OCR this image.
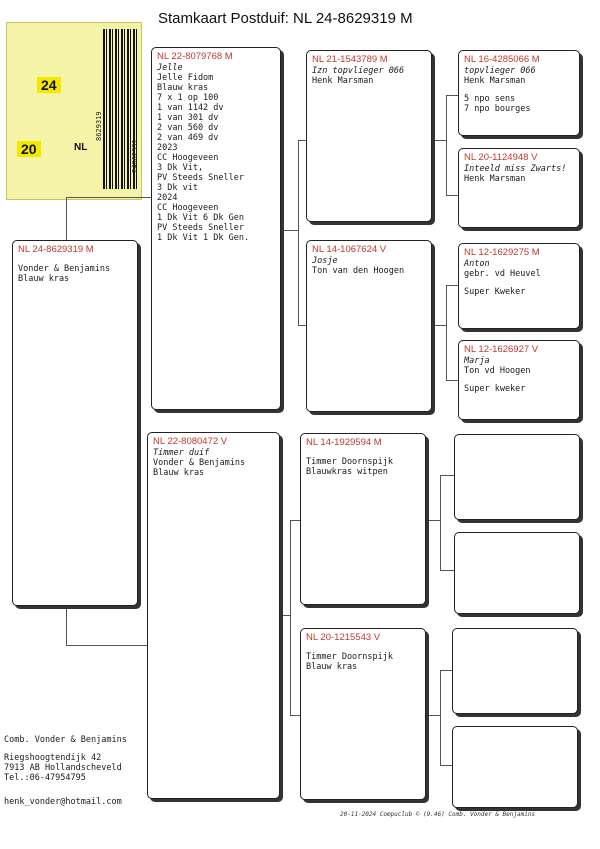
Stamkaart Postduif: NL 24-8629319 M
24
20	NL
8629319
24862931
NL 24-8629319 M
Vonder & Benjamins
Blauw kras
NL 22-8079768 M
Jelle
Jelle Fidom
Blauw kras
7 x 1 op 100
1 van 1142 dv
1 van 301 dv
2 van 560 dv
2 van 469 dv
2023
CC Hoogeveen
3 Dk Vit,
PV Steeds Sneller
3 Dk vit
2024
CC Hoogeveen
1 Dk Vit 6 Dk Gen
PV Steeds Sneller
1 Dk Vit 1 Dk Gen.
NL 22-8080472 V
Timmer duif
Vonder & Benjamins
Blauw kras
NL 21-1543789 M
Izn topvlieger 066
Henk Marsman
NL 14-1067624 V
Josje
Ton van den Hoogen
NL 14-1929594 M
Timmer Doornspijk
Blauwkras witpen
NL 20-1215543 V
Timmer Doornspijk
Blauw kras
NL 16-4285066 M
topvlieger 066
Henk Marsman
5 npo sens
7 npo bourges
NL 20-1124948 V
Inteeld miss Zwarts!
Henk Marsman
NL 12-1629275 M
Anton
gebr. vd Heuvel
Super Kweker
NL 12-1626927 V
Marja
Ton vd Hoogen
Super kweker
Comb. Vonder & Benjamins
Riegshoogtendijk 42
7913 AB Hollandscheveld
Tel.:06-47954795
henk_vonder@hotmail.com
20-11-2024 Compuclub © (9.46) Comb. Vonder & Benjamins
